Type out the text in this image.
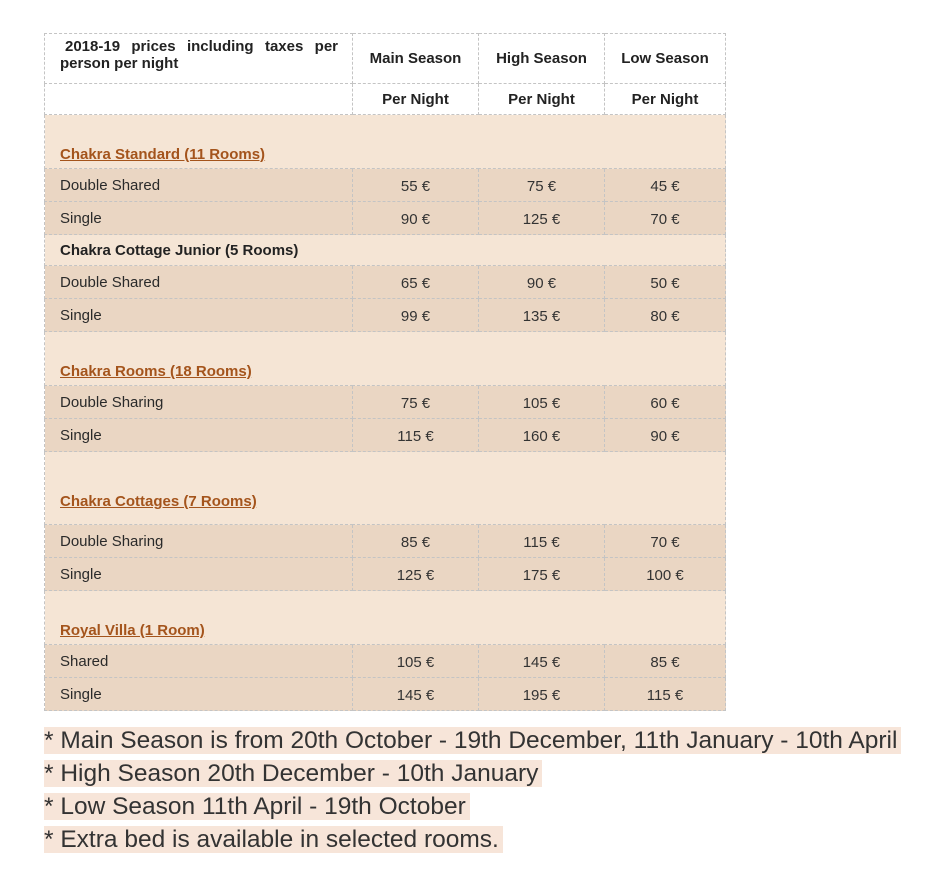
2018-19 prices including taxes per person per night	Main Season	High Season	Low Season
	Per Night	Per Night	Per Night
Chakra Standard (11 Rooms)			
Double Shared	55 €	75 €	45 €
Single	90 €	125 €	70 €
Chakra Cottage Junior (5 Rooms)			
Double Shared	65 €	90 €	50 €
Single	99 €	135 €	80 €
Chakra Rooms (18 Rooms)			
Double Sharing	75 €	105 €	60 €
Single	115 €	160 €	90 €
Chakra Cottages (7 Rooms)			
Double Sharing	85 €	115 €	70 €
Single	125 €	175 €	100 €
Royal Villa (1 Room)			
Shared	105 €	145 €	85 €
Single	145 €	195 €	115 €
* Main Season is from 20th October - 19th December, 11th January - 10th April
* High Season 20th December - 10th January
* Low Season 11th April - 19th October
* Extra bed is available in selected rooms.
